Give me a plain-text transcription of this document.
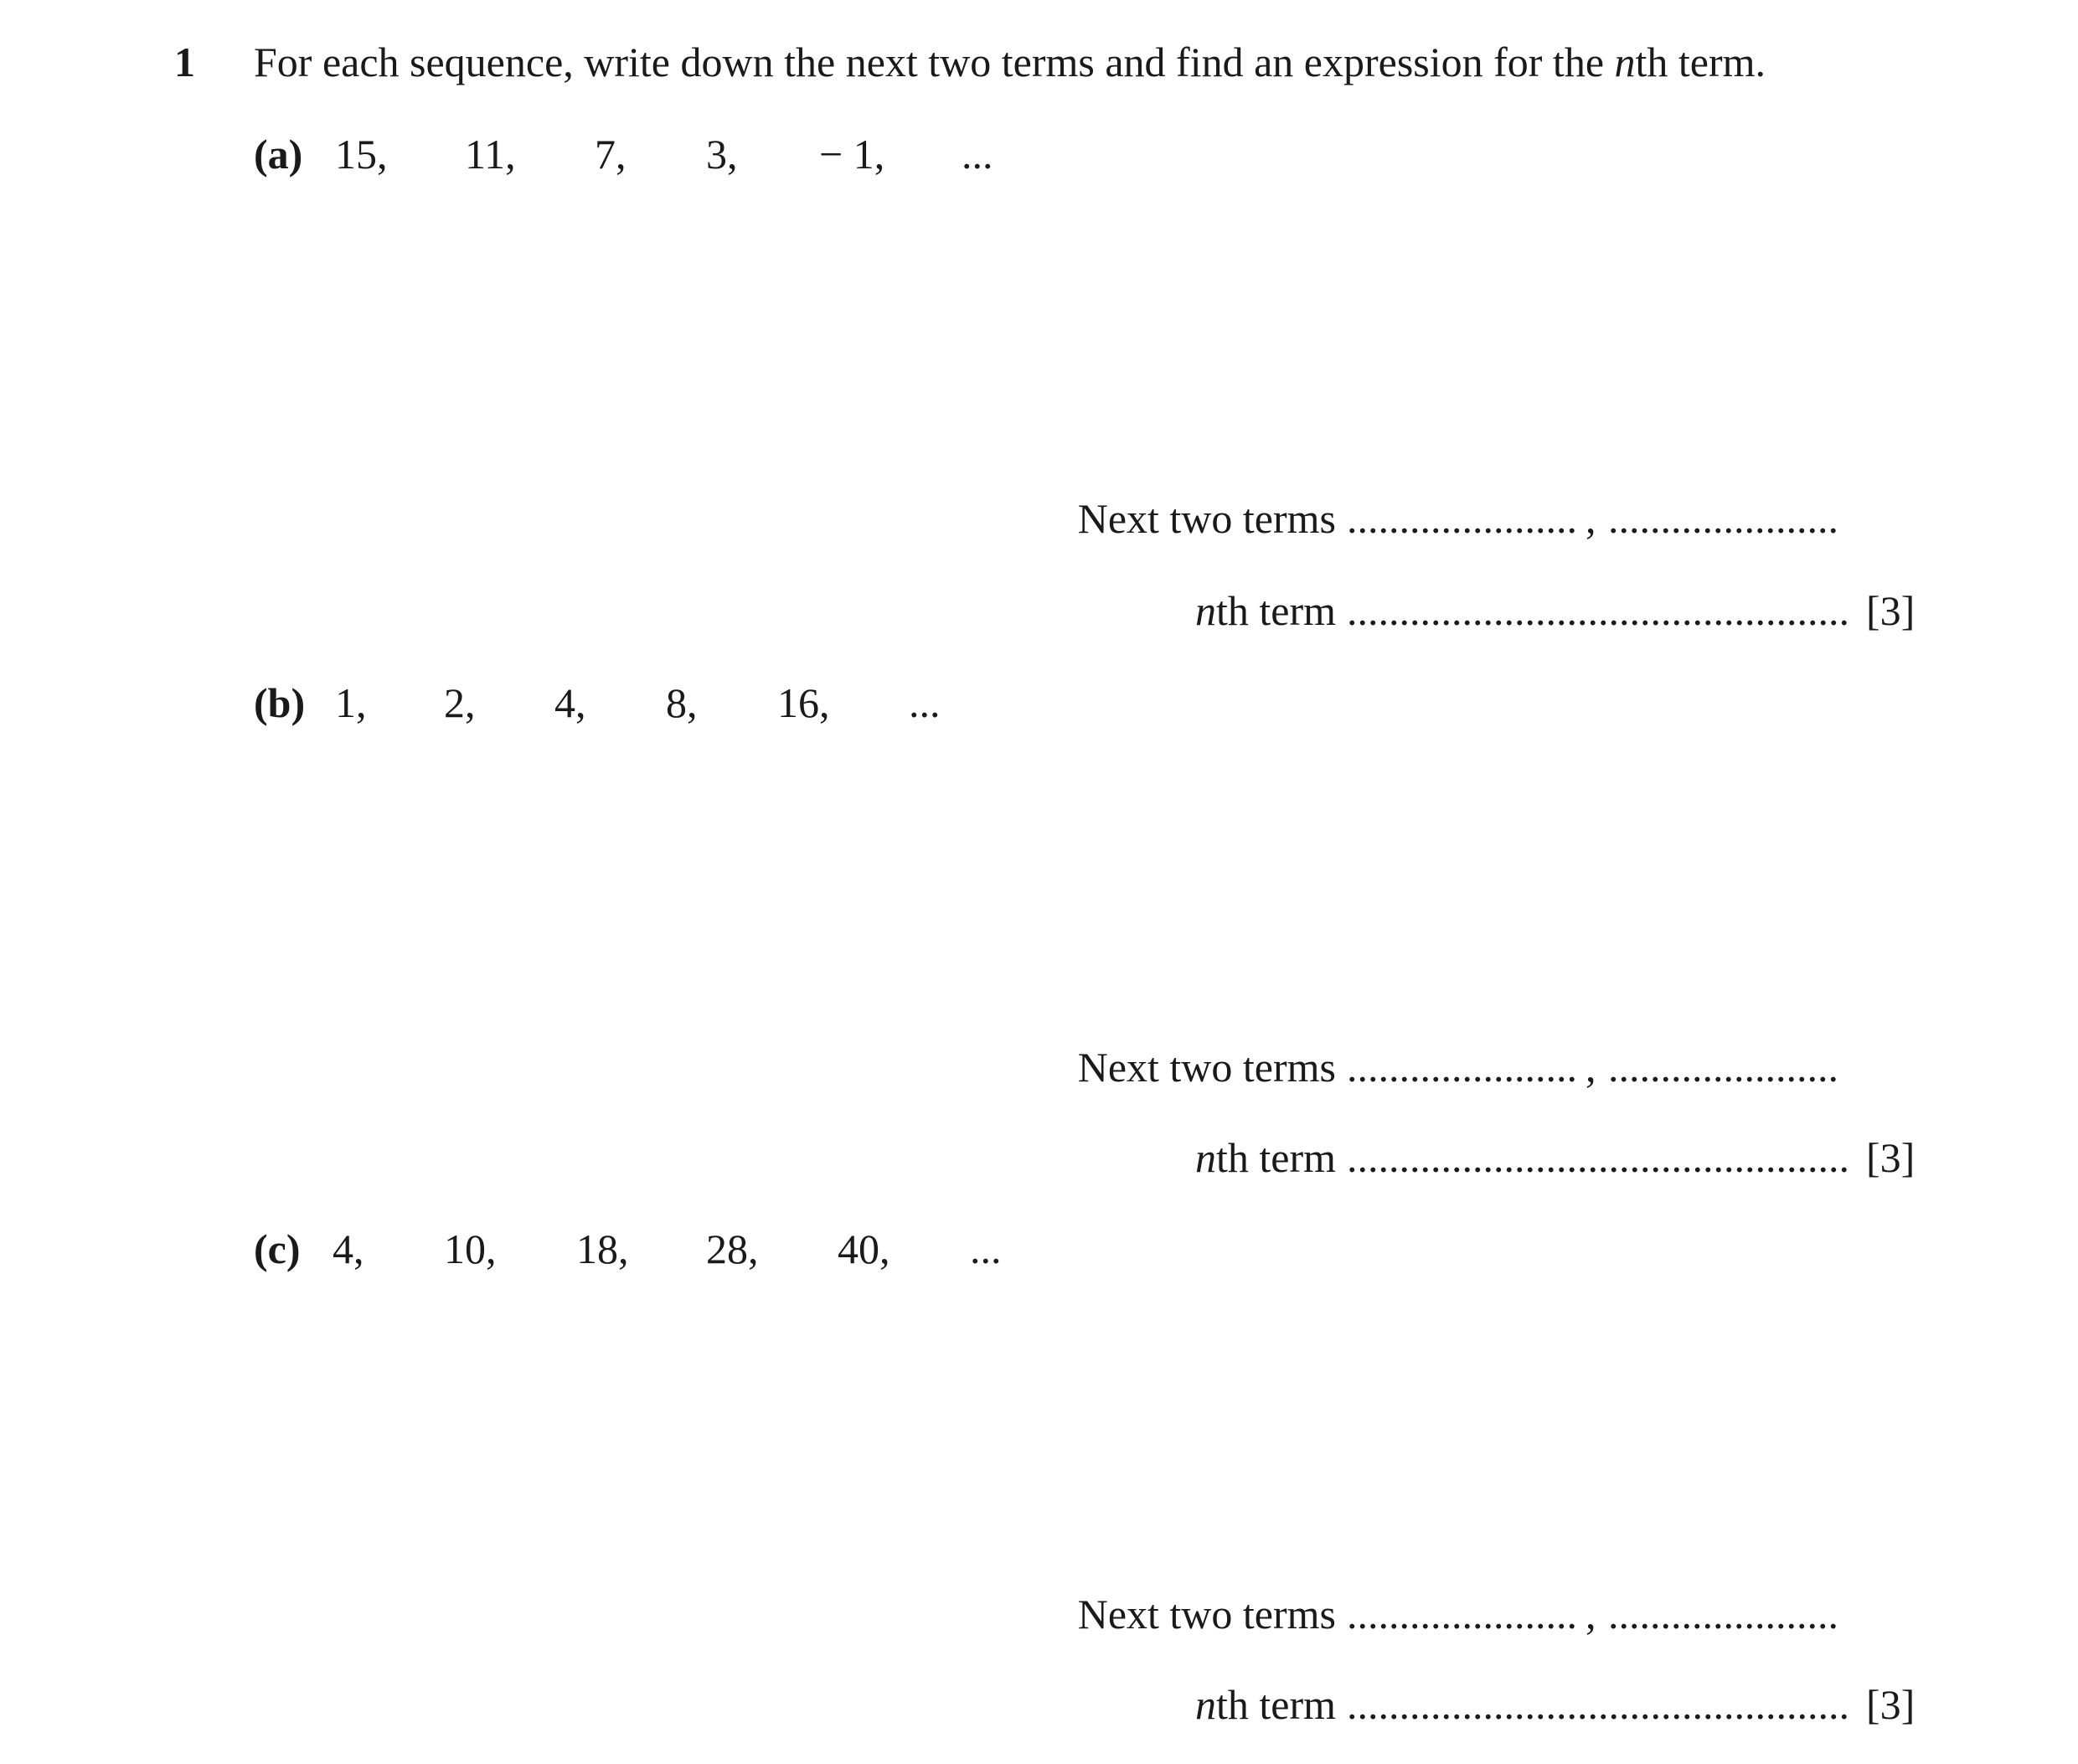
1 For each sequence, write down the next two terms and find an expression for the nth term.
(a) 15, 11, 7, 3, − 1, ...
Next two terms ...................... , ......................
nth term ................................................ [3]
(b) 1, 2, 4, 8, 16, ...
Next two terms ...................... , ......................
nth term ................................................ [3]
(c) 4, 10, 18, 28, 40, ...
Next two terms ...................... , ......................
nth term ................................................ [3]
